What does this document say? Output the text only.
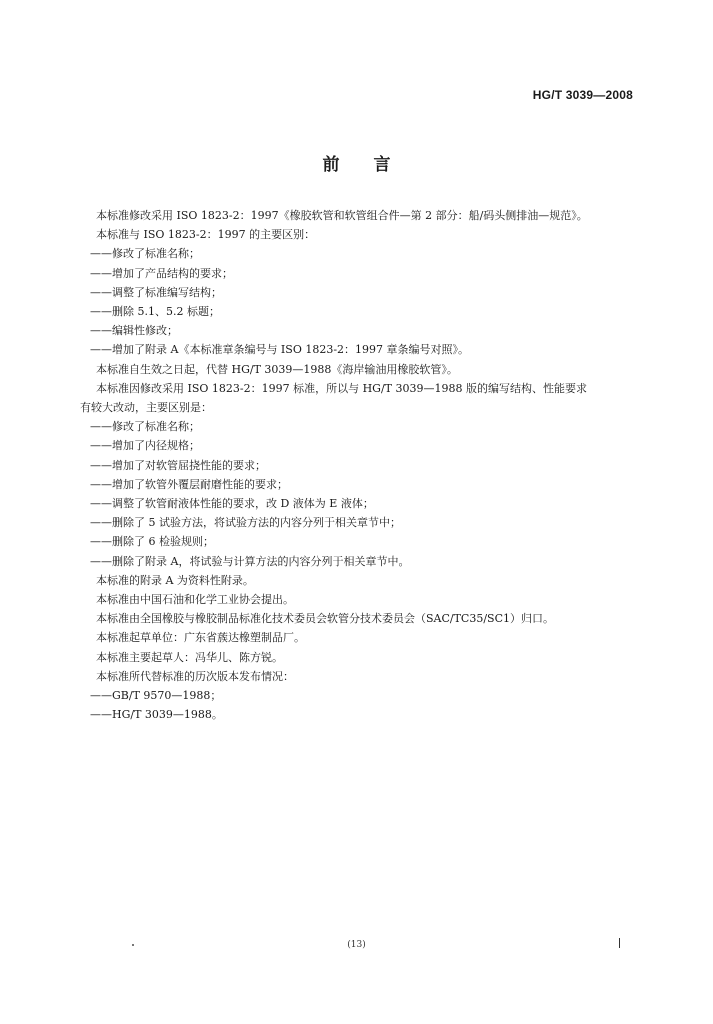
HG/T 3039—2008
前言
本标准修改采用 ISO 1823-2：1997《橡胶软管和软管组合件—第 2 部分：船/码头侧排油—规范》。
本标准与 ISO 1823-2：1997 的主要区别：
——修改了标准名称；
——增加了产品结构的要求；
——调整了标准编写结构；
——删除 5.1、5.2 标题；
——编辑性修改；
——增加了附录 A《本标准章条编号与 ISO 1823-2：1997 章条编号对照》。
本标准自生效之日起，代替 HG/T 3039—1988《海岸输油用橡胶软管》。
本标准因修改采用 ISO 1823-2：1997 标准，所以与 HG/T 3039—1988 版的编写结构、性能要求
有较大改动，主要区别是：
——修改了标准名称；
——增加了内径规格；
——增加了对软管屈挠性能的要求；
——增加了软管外覆层耐磨性能的要求；
——调整了软管耐液体性能的要求，改 D 液体为 E 液体；
——删除了 5 试验方法，将试验方法的内容分列于相关章节中；
——删除了 6 检验规则；
——删除了附录 A，将试验与计算方法的内容分列于相关章节中。
本标准的附录 A 为资料性附录。
本标准由中国石油和化学工业协会提出。
本标准由全国橡胶与橡胶制品标准化技术委员会软管分技术委员会（SAC/TC35/SC1）归口。
本标准起草单位：广东省蔟达橡塑制品厂。
本标准主要起草人：冯华儿、陈方锐。
本标准所代替标准的历次版本发布情况：
——GB/T 9570—1988；
——HG/T 3039—1988。
(13)
